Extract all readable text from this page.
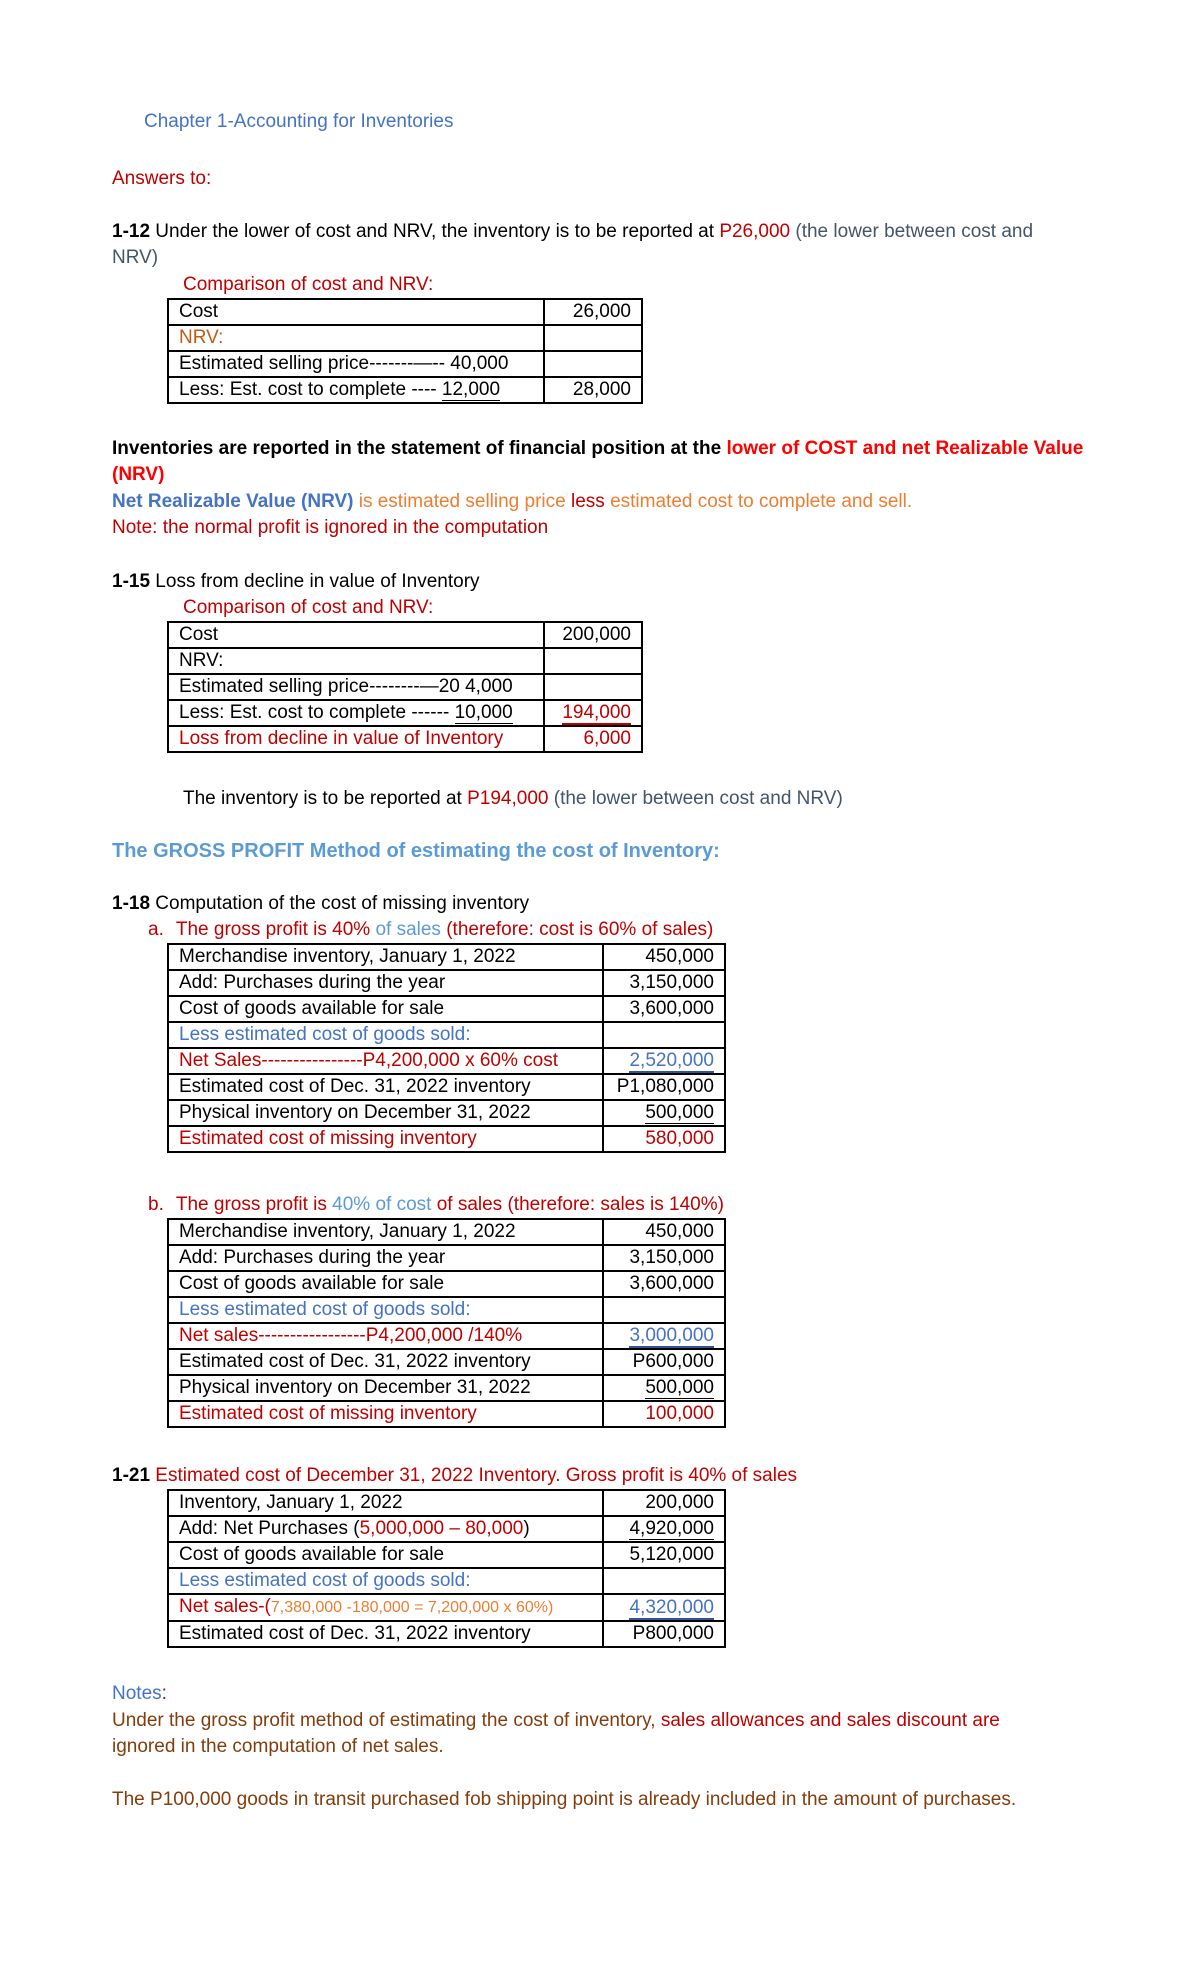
Chapter 1-Accounting for Inventories
Answers to:
1-12 Under the lower of cost and NRV, the inventory is to be reported at P26,000 (the lower between cost and
NRV)
Comparison of cost and NRV:
Cost	26,000
NRV:	
Estimated selling price-------—-- 40,000	
Less: Est. cost to complete ---- 12,000	28,000
Inventories are reported in the statement of financial position at the lower of COST and net Realizable Value
(NRV)
Net Realizable Value (NRV) is estimated selling price less estimated cost to complete and sell.
Note: the normal profit is ignored in the computation
1-15 Loss from decline in value of Inventory
Comparison of cost and NRV:
Cost	200,000
NRV:	
Estimated selling price--------—20 4,000	
Less: Est. cost to complete ------ 10,000	194,000
Loss from decline in value of Inventory	6,000
The inventory is to be reported at P194,000 (the lower between cost and NRV)
The GROSS PROFIT Method of estimating the cost of Inventory:
1-18 Computation of the cost of missing inventory
a. The gross profit is 40% of sales (therefore: cost is 60% of sales)
Merchandise inventory, January 1, 2022	450,000
Add: Purchases during the year	3,150,000
Cost of goods available for sale	3,600,000
Less estimated cost of goods sold:	
Net Sales----------------P4,200,000 x 60% cost	2,520,000
Estimated cost of Dec. 31, 2022 inventory	P1,080,000
Physical inventory on December 31, 2022	500,000
Estimated cost of missing inventory	580,000
b. The gross profit is 40% of cost of sales (therefore: sales is 140%)
Merchandise inventory, January 1, 2022	450,000
Add: Purchases during the year	3,150,000
Cost of goods available for sale	3,600,000
Less estimated cost of goods sold:	
Net sales-----------------P4,200,000 /140%	3,000,000
Estimated cost of Dec. 31, 2022 inventory	P600,000
Physical inventory on December 31, 2022	500,000
Estimated cost of missing inventory	100,000
1-21 Estimated cost of December 31, 2022 Inventory. Gross profit is 40% of sales
Inventory, January 1, 2022	200,000
Add: Net Purchases (5,000,000 – 80,000)	4,920,000
Cost of goods available for sale	5,120,000
Less estimated cost of goods sold:	
Net sales-(7,380,000 -180,000 = 7,200,000 x 60%)	4,320,000
Estimated cost of Dec. 31, 2022 inventory	P800,000
Notes:
Under the gross profit method of estimating the cost of inventory, sales allowances and sales discount are
ignored in the computation of net sales.
The P100,000 goods in transit purchased fob shipping point is already included in the amount of purchases.
